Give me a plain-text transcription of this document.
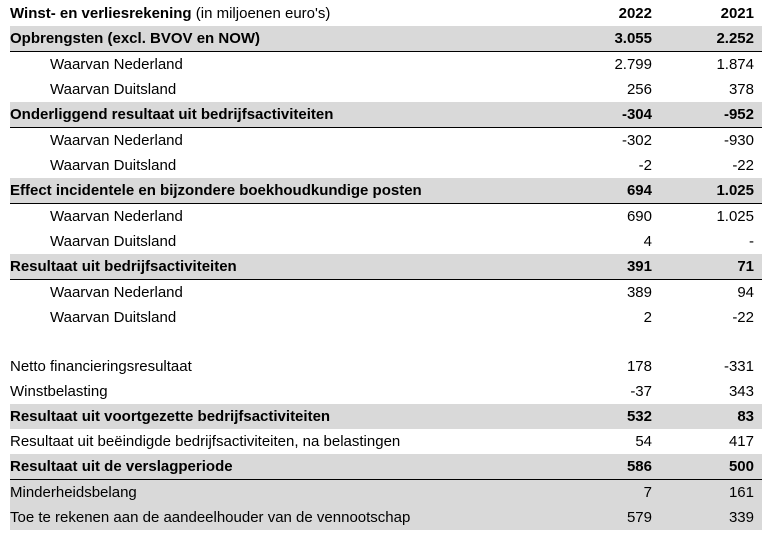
Winst- en verliesrekening (in miljoenen euro's)	2022	2021
Opbrengsten (excl. BVOV en NOW)	3.055	2.252
Waarvan Nederland	2.799	1.874
Waarvan Duitsland	256	378
Onderliggend resultaat uit bedrijfsactiviteiten	-304	-952
Waarvan Nederland	-302	-930
Waarvan Duitsland	-2	-22
Effect incidentele en bijzondere boekhoudkundige posten	694	1.025
Waarvan Nederland	690	1.025
Waarvan Duitsland	4	-
Resultaat uit bedrijfsactiviteiten	391	71
Waarvan Nederland	389	94
Waarvan Duitsland	2	-22

Netto financieringsresultaat	178	-331
Winstbelasting	-37	343
Resultaat uit voortgezette bedrijfsactiviteiten	532	83
Resultaat uit beëindigde bedrijfsactiviteiten, na belastingen	54	417
Resultaat uit de verslagperiode	586	500
Minderheidsbelang	7	161
Toe te rekenen aan de aandeelhouder van de vennootschap	579	339
